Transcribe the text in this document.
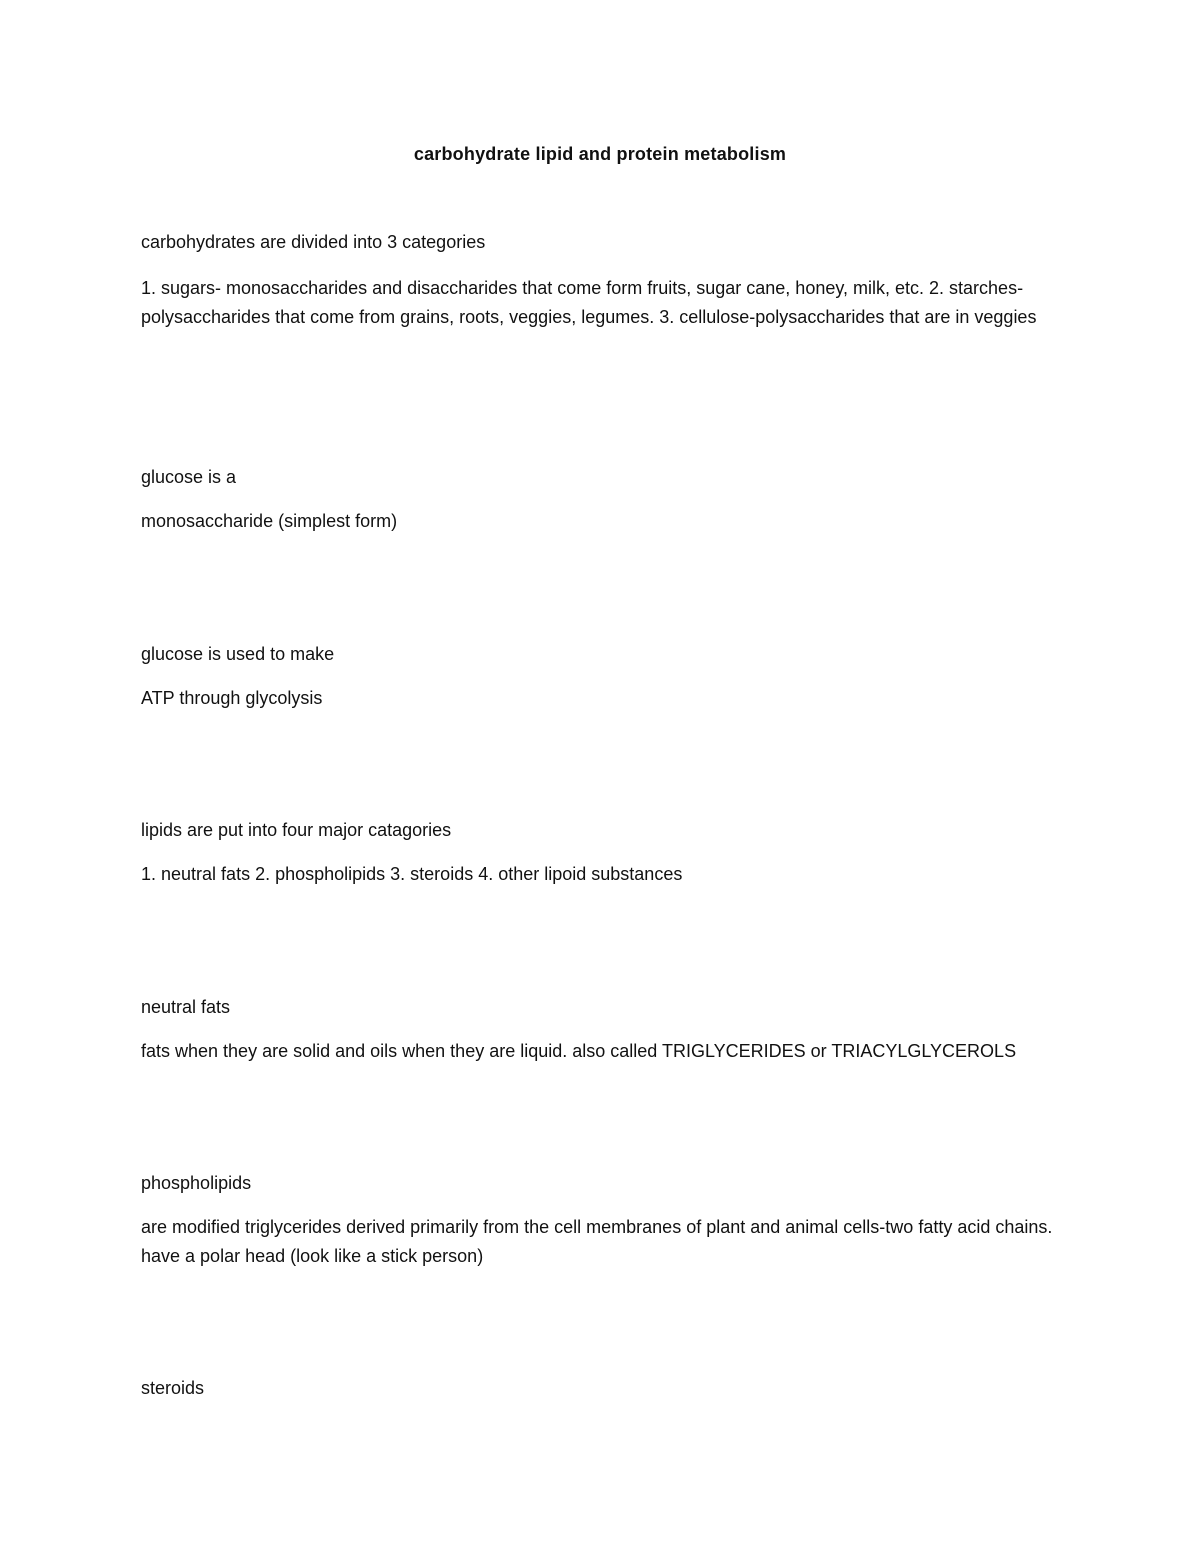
carbohydrate lipid and protein metabolism
carbohydrates are divided into 3 categories
1. sugars- monosaccharides and disaccharides that come form fruits, sugar cane, honey, milk, etc. 2. starches-polysaccharides that come from grains, roots, veggies, legumes. 3. cellulose-polysaccharides that are in veggies
glucose is a
monosaccharide (simplest form)
glucose is used to make
ATP through glycolysis
lipids are put into four major catagories
1. neutral fats 2. phospholipids 3. steroids 4. other lipoid substances
neutral fats
fats when they are solid and oils when they are liquid. also called TRIGLYCERIDES or TRIACYLGLYCEROLS
phospholipids
are modified triglycerides derived primarily from the cell membranes of plant and animal cells-two fatty acid chains. have a polar head (look like a stick person)
steroids
